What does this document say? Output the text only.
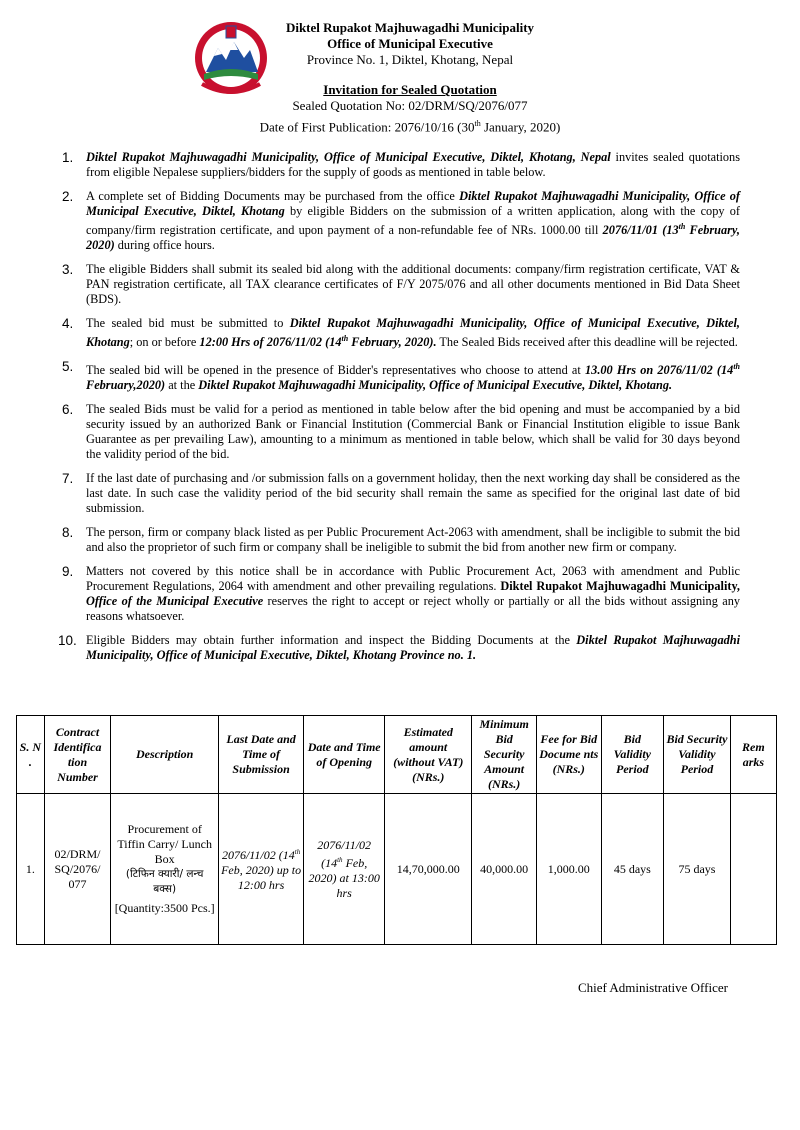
Diktel Rupakot Majhuwagadhi Municipality
Office of Municipal Executive
Province No. 1, Diktel, Khotang, Nepal
Invitation for Sealed Quotation
Sealed Quotation No: 02/DRM/SQ/2076/077
Date of First Publication: 2076/10/16 (30th January, 2020)
1.	Diktel Rupakot Majhuwagadhi Municipality, Office of Municipal Executive, Diktel, Khotang, Nepal invites sealed quotations from eligible Nepalese suppliers/bidders for the supply of goods as mentioned in table below.
2.	A complete set of Bidding Documents may be purchased from the office Diktel Rupakot Majhuwagadhi Municipality, Office of Municipal Executive, Diktel, Khotang by eligible Bidders on the submission of a written application, along with the copy of company/firm registration certificate, and upon payment of a non-refundable fee of NRs. 1000.00 till 2076/11/01 (13th February, 2020) during office hours.
3.	The eligible Bidders shall submit its sealed bid along with the additional documents: company/firm registration certificate, VAT & PAN registration certificate, all TAX clearance certificates of F/Y 2075/076 and all other documents mentioned in Bid Data Sheet (BDS).
4.	The sealed bid must be submitted to Diktel Rupakot Majhuwagadhi Municipality, Office of Municipal Executive, Diktel, Khotang; on or before 12:00 Hrs of 2076/11/02 (14th February, 2020). The Sealed Bids received after this deadline will be rejected.
5.	The sealed bid will be opened in the presence of Bidder's representatives who choose to attend at 13.00 Hrs on 2076/11/02 (14th February,2020) at the Diktel Rupakot Majhuwagadhi Municipality, Office of Municipal Executive, Diktel, Khotang.
6.	The sealed Bids must be valid for a period as mentioned in table below after the bid opening and must be accompanied by a bid security issued by an authorized Bank or Financial Institution (Commercial Bank or Financial Institution eligible to issue Bank Guarantee as per prevailing Law), amounting to a minimum as mentioned in table below, which shall be valid for 30 days beyond the validity period of the bid.
7.	If the last date of purchasing and /or submission falls on a government holiday, then the next working day shall be considered as the last date. In such case the validity period of the bid security shall remain the same as specified for the original last date of bid submission.
8.	The person, firm or company black listed as per Public Procurement Act-2063 with amendment, shall be incligible to submit the bid and also the proprietor of such firm or company shall be ineligible to submit the bid from another new firm or company.
9.	Matters not covered by this notice shall be in accordance with Public Procurement Act, 2063 with amendment and Public Procurement Regulations, 2064 with amendment and other prevailing regulations. Diktel Rupakot Majhuwagadhi Municipality, Office of the Municipal Executive reserves the right to accept or reject wholly or partially or all the bids without assigning any reasons whatsoever.
10. Eligible Bidders may obtain further information and inspect the Bidding Documents at the Diktel Rupakot Majhuwagadhi Municipality, Office of Municipal Executive, Diktel, Khotang Province no. 1.
S. N .	Contract Identifica tion Number	Description	Last Date and Time of Submission	Date and Time of Opening	Estimated amount (without VAT) (NRs.)	Minimum Bid Security Amount (NRs.)	Fee for Bid Docume nts (NRs.)	Bid Validity Period	Bid Security Validity Period	Rem arks
1.	02/DRM/ SQ/2076/ 077	Procurement of Tiffin Carry/ Lunch Box
(टिफिन क्यारी/ लन्च बक्स)
[Quantity:3500 Pcs.]	2076/11/02 (14th Feb, 2020) up to 12:00 hrs	2076/11/02 (14th Feb, 2020) at 13:00 hrs	14,70,000.00	40,000.00	1,000.00	45 days	75 days	
Chief Administrative Officer
